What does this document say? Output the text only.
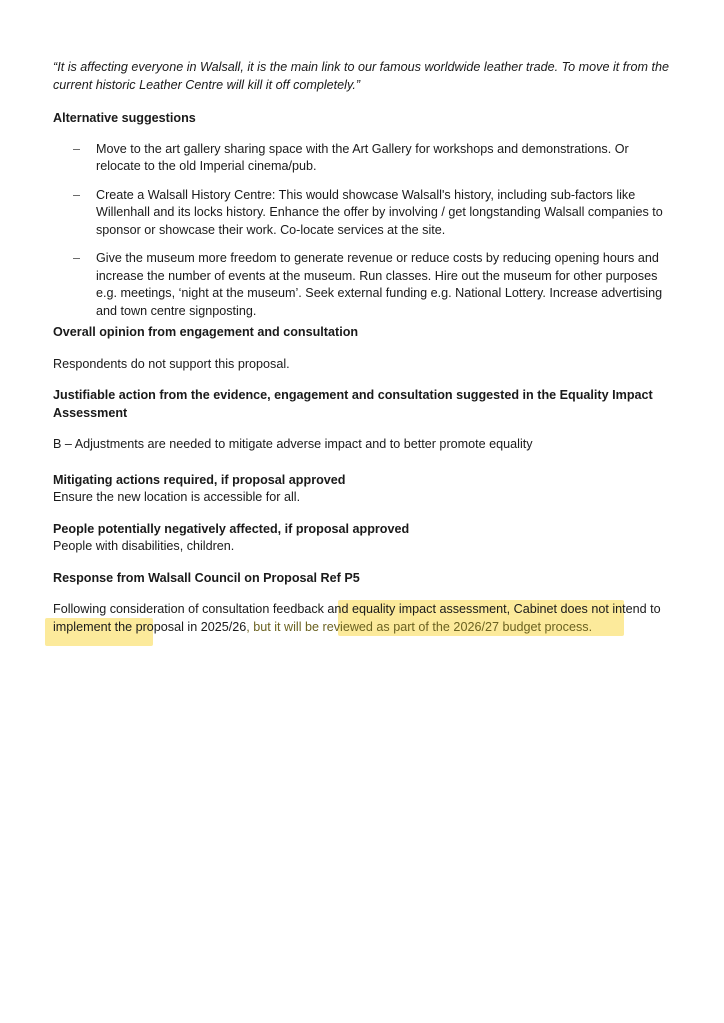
“It is affecting everyone in Walsall, it is the main link to our famous worldwide leather trade. To move it from the current historic Leather Centre will kill it off completely.”

Alternative suggestions

– Move to the art gallery sharing space with the Art Gallery for workshops and demonstrations. Or relocate to the old Imperial cinema/pub.
– Create a Walsall History Centre: This would showcase Walsall's history, including sub-factors like Willenhall and its locks history. Enhance the offer by involving / get longstanding Walsall companies to sponsor or showcase their work. Co-locate services at the site.
– Give the museum more freedom to generate revenue or reduce costs by reducing opening hours and increase the number of events at the museum. Run classes. Hire out the museum for other purposes e.g. meetings, ‘night at the museum’. Seek external funding e.g. National Lottery. Increase advertising and town centre signposting.

Overall opinion from engagement and consultation

Respondents do not support this proposal.

Justifiable action from the evidence, engagement and consultation suggested in the Equality Impact Assessment

B – Adjustments are needed to mitigate adverse impact and to better promote equality

Mitigating actions required, if proposal approved

Ensure the new location is accessible for all.

People potentially negatively affected, if proposal approved

People with disabilities, children.

Response from Walsall Council on Proposal Ref P5

Following consideration of consultation feedback and equality impact assessment, Cabinet does not intend to implement the proposal in 2025/26, but it will be reviewed as part of the 2026/27 budget process.
